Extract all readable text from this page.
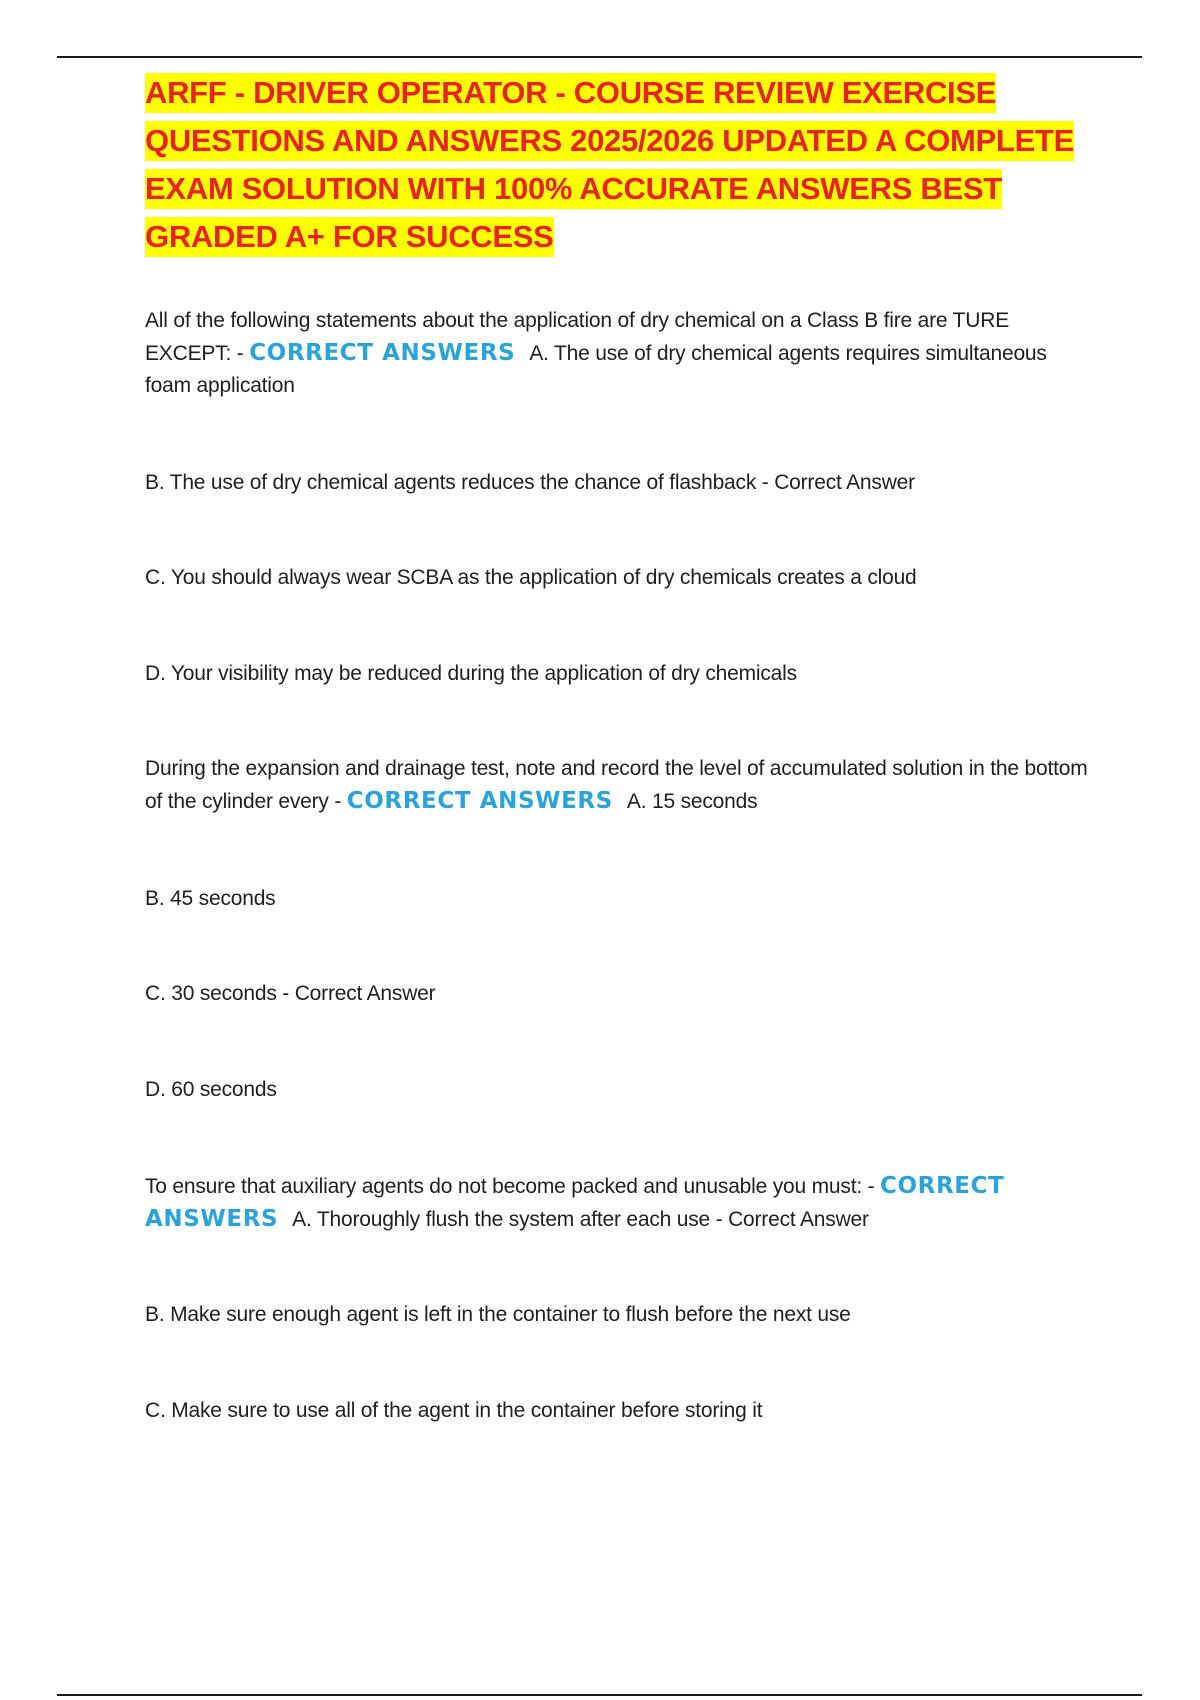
ARFF - DRIVER OPERATOR - COURSE REVIEW EXERCISE QUESTIONS AND ANSWERS 2025/2026 UPDATED A COMPLETE EXAM SOLUTION WITH 100% ACCURATE ANSWERS BEST GRADED A+ FOR SUCCESS
All of the following statements about the application of dry chemical on a Class B fire are TURE EXCEPT: - CORRECT ANSWERS A. The use of dry chemical agents requires simultaneous foam application
B. The use of dry chemical agents reduces the chance of flashback - Correct Answer
C. You should always wear SCBA as the application of dry chemicals creates a cloud
D. Your visibility may be reduced during the application of dry chemicals
During the expansion and drainage test, note and record the level of accumulated solution in the bottom of the cylinder every - CORRECT ANSWERS A. 15 seconds
B. 45 seconds
C. 30 seconds - Correct Answer
D. 60 seconds
To ensure that auxiliary agents do not become packed and unusable you must: - CORRECT
ANSWERS A. Thoroughly flush the system after each use - Correct Answer
B. Make sure enough agent is left in the container to flush before the next use
C. Make sure to use all of the agent in the container before storing it
